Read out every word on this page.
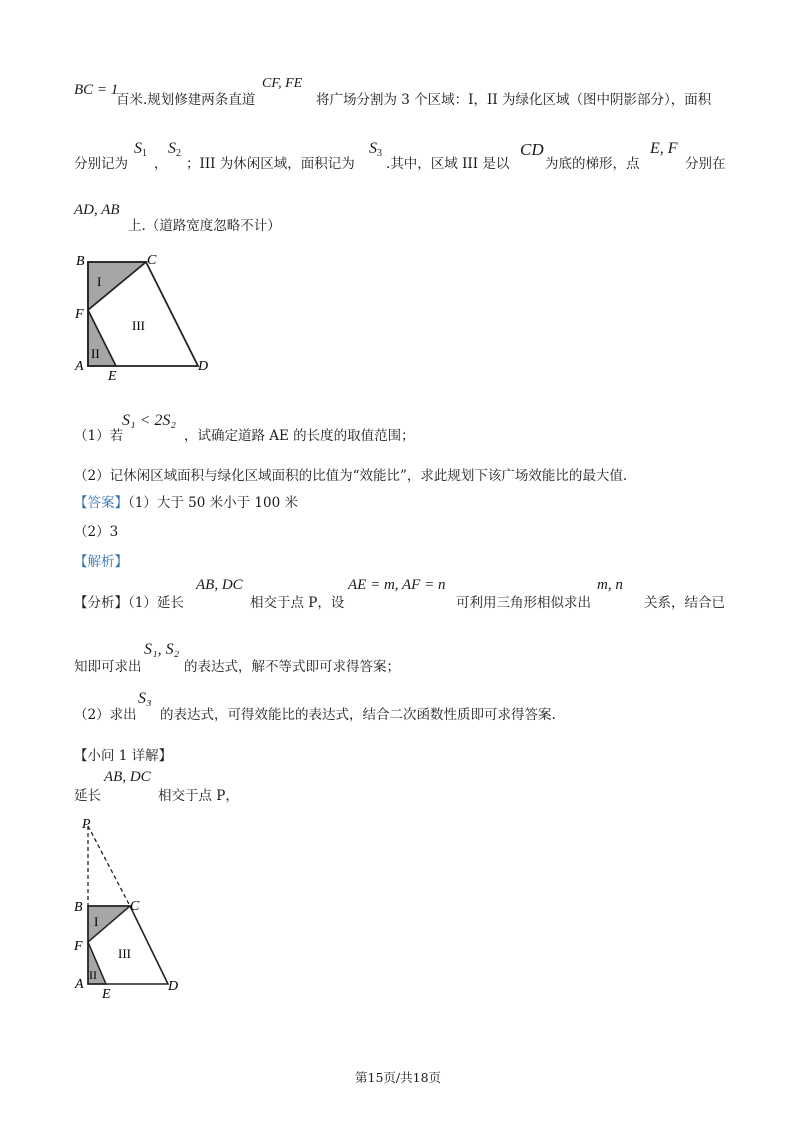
BC = 1
百米.规划修建两条直道
CF, FE
将广场分割为 3 个区域：I，II 为绿化区域（图中阴影部分），面积
分别记为
$S_1$
，
$S_2$
；III 为休闲区域，面积记为
$S_3$
.其中，区域 III 是以
CD
为底的梯形，点
E, F
分别在
AD, AB
上.（道路宽度忽略不计）
B	C
F
A
E
D
I
II
III
（1）若
S₁ < 2S₂
，试确定道路 AE 的长度的取值范围；
（2）记休闲区域面积与绿化区域面积的比值为“效能比”，求此规划下该广场效能比的最大值.
【答案】（1）大于 50 米小于 100 米
（2）3
【解析】
【分析】（1）延长
AB, DC
相交于点 P，设
AE = m, AF = n
可利用三角形相似求出
m, n
关系，结合已
知即可求出
S₁, S₂
的表达式，解不等式即可求得答案；
（2）求出
S₃
的表达式，可得效能比的表达式，结合二次函数性质即可求得答案.
【小问 1 详解】
延长
AB, DC
相交于点 P，
P
B	C
F
A
E
D
I
II
III
第15页/共18页
